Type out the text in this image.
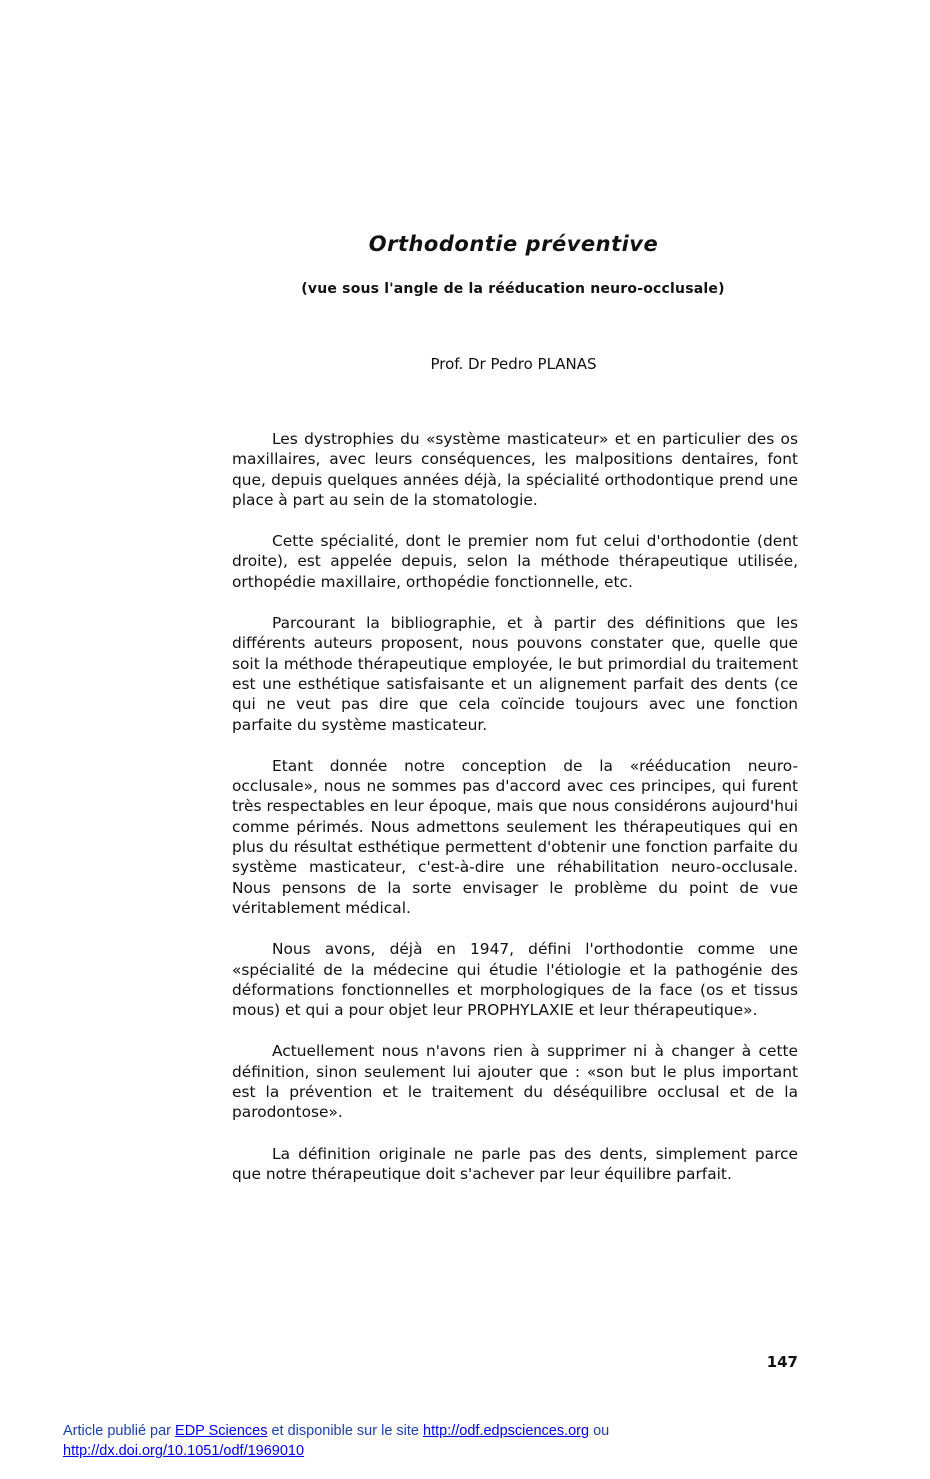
Orthodontie préventive
(vue sous l'angle de la rééducation neuro-occlusale)
Prof. Dr Pedro PLANAS

Les dystrophies du «système masticateur» et en particulier des os maxillaires, avec leurs conséquences, les malpositions dentaires, font que, depuis quelques années déjà, la spécialité orthodontique prend une place à part au sein de la stomatologie.

Cette spécialité, dont le premier nom fut celui d'orthodontie (dent droite), est appelée depuis, selon la méthode thérapeutique utilisée, orthopédie maxillaire, orthopédie fonctionnelle, etc.

Parcourant la bibliographie, et à partir des définitions que les différents auteurs proposent, nous pouvons constater que, quelle que soit la méthode thérapeutique employée, le but primordial du traitement est une esthétique satisfaisante et un alignement parfait des dents (ce qui ne veut pas dire que cela coïncide toujours avec une fonction parfaite du système masticateur.

Etant donnée notre conception de la «rééducation neuro-occlusale», nous ne sommes pas d'accord avec ces principes, qui furent très respectables en leur époque, mais que nous considérons aujourd'hui comme périmés. Nous admettons seulement les thérapeutiques qui en plus du résultat esthétique permettent d'obtenir une fonction parfaite du système masticateur, c'est-à-dire une réhabilitation neuro-occlusale. Nous pensons de la sorte envisager le problème du point de vue véritablement médical.

Nous avons, déjà en 1947, défini l'orthodontie comme une «spécialité de la médecine qui étudie l'étiologie et la pathogénie des déformations fonctionnelles et morphologiques de la face (os et tissus mous) et qui a pour objet leur PROPHYLAXIE et leur thérapeutique».

Actuellement nous n'avons rien à supprimer ni à changer à cette définition, sinon seulement lui ajouter que : «son but le plus important est la prévention et le traitement du déséquilibre occlusal et de la parodontose».

La définition originale ne parle pas des dents, simplement parce que notre thérapeutique doit s'achever par leur équilibre parfait.

147
Article publié par EDP Sciences et disponible sur le site http://odf.edpsciences.org ou
http://dx.doi.org/10.1051/odf/1969010
